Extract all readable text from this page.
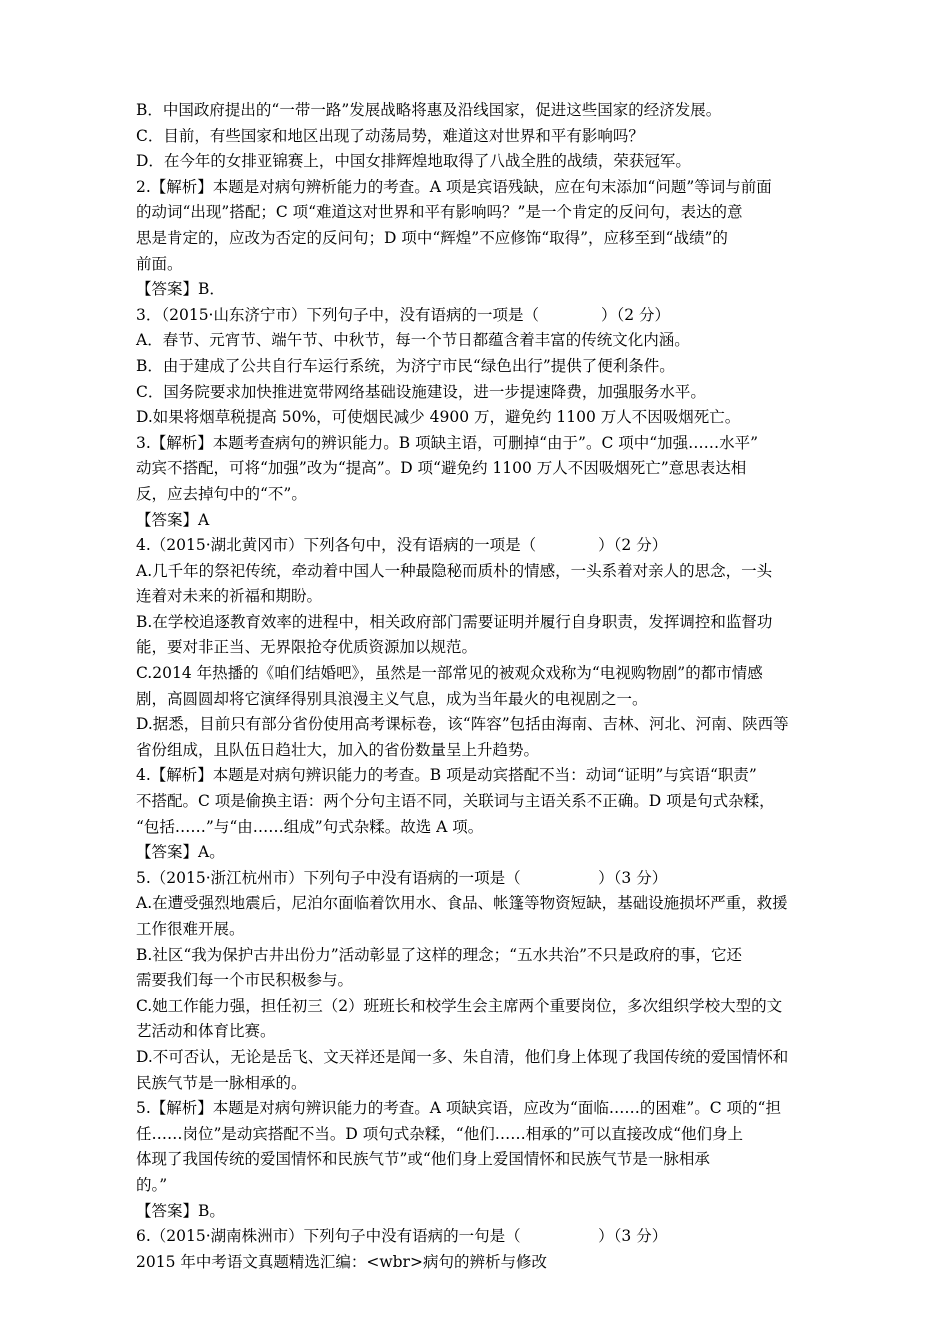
B．中国政府提出的“一带一路”发展战略将惠及沿线国家，促进这些国家的经济发展。

C．目前，有些国家和地区出现了动荡局势，难道这对世界和平有影响吗？

D．在今年的女排亚锦赛上，中国女排辉煌地取得了八战全胜的战绩，荣获冠军。

2.【解析】本题是对病句辨析能力的考查。A 项是宾语残缺，应在句末添加“问题”等词与前面

的动词“出现”搭配；C 项“难道这对世界和平有影响吗？”是一个肯定的反问句，表达的意

思是肯定的，应改为否定的反问句；D 项中“辉煌”不应修饰“取得”，应移至到“战绩”的

前面。

【答案】B．

3．（2015·山东济宁市）下列句子中，没有语病的一项是（　　　　）（2 分）

A．春节、元宵节、端午节、中秋节，每一个节日都蕴含着丰富的传统文化内涵。

B．由于建成了公共自行车运行系统，为济宁市民“绿色出行”提供了便利条件。

C．国务院要求加快推进宽带网络基础设施建设，进一步提速降费，加强服务水平。

D.如果将烟草税提高 50%，可使烟民减少 4900 万，避免约 1100 万人不因吸烟死亡。

3.【解析】本题考查病句的辨识能力。B 项缺主语，可删掉“由于”。C 项中“加强……水平”

动宾不搭配，可将“加强”改为“提高”。D 项“避免约 1100 万人不因吸烟死亡”意思表达相

反，应去掉句中的“不”。

【答案】A

4.（2015·湖北黄冈市）下列各句中，没有语病的一项是（　　　　）（2 分）

A.几千年的祭祀传统，牵动着中国人一种最隐秘而质朴的情感，一头系着对亲人的思念，一头

连着对未来的祈福和期盼。

B.在学校追逐教育效率的进程中，相关政府部门需要证明并履行自身职责，发挥调控和监督功

能，要对非正当、无界限抢夺优质资源加以规范。

C.2014 年热播的《咱们结婚吧》，虽然是一部常见的被观众戏称为“电视购物剧”的都市情感

剧，高圆圆却将它演绎得别具浪漫主义气息，成为当年最火的电视剧之一。

D.据悉，目前只有部分省份使用高考课标卷，该“阵容”包括由海南、吉林、河北、河南、陕西等

省份组成，且队伍日趋壮大，加入的省份数量呈上升趋势。

4.【解析】本题是对病句辨识能力的考查。B 项是动宾搭配不当：动词“证明”与宾语“职责”

不搭配。C 项是偷换主语：两个分句主语不同，关联词与主语关系不正确。D 项是句式杂糅，

“包括……”与“由……组成”句式杂糅。故选 A 项。

【答案】A。

5.（2015·浙江杭州市）下列句子中没有语病的一项是（　　　　　）（3 分）

A.在遭受强烈地震后，尼泊尔面临着饮用水、食品、帐篷等物资短缺，基础设施损坏严重，救援

工作很难开展。

B.社区“我为保护古井出份力”活动彰显了这样的理念；“五水共治”不只是政府的事，它还

需要我们每一个市民积极参与。

C.她工作能力强，担任初三（2）班班长和校学生会主席两个重要岗位，多次组织学校大型的文

艺活动和体育比赛。

D.不可否认，无论是岳飞、文天祥还是闻一多、朱自清，他们身上体现了我国传统的爱国情怀和

民族气节是一脉相承的。

5.【解析】本题是对病句辨识能力的考查。A 项缺宾语，应改为“面临……的困难”。C 项的“担

任……岗位”是动宾搭配不当。D 项句式杂糅，“他们……相承的”可以直接改成“他们身上

体现了我国传统的爱国情怀和民族气节”或“他们身上爱国情怀和民族气节是一脉相承

的。”

【答案】B。

6.（2015·湖南株洲市）下列句子中没有语病的一句是（　　　　　）（3 分）

2015 年中考语文真题精选汇编：<wbr>病句的辨析与修改
